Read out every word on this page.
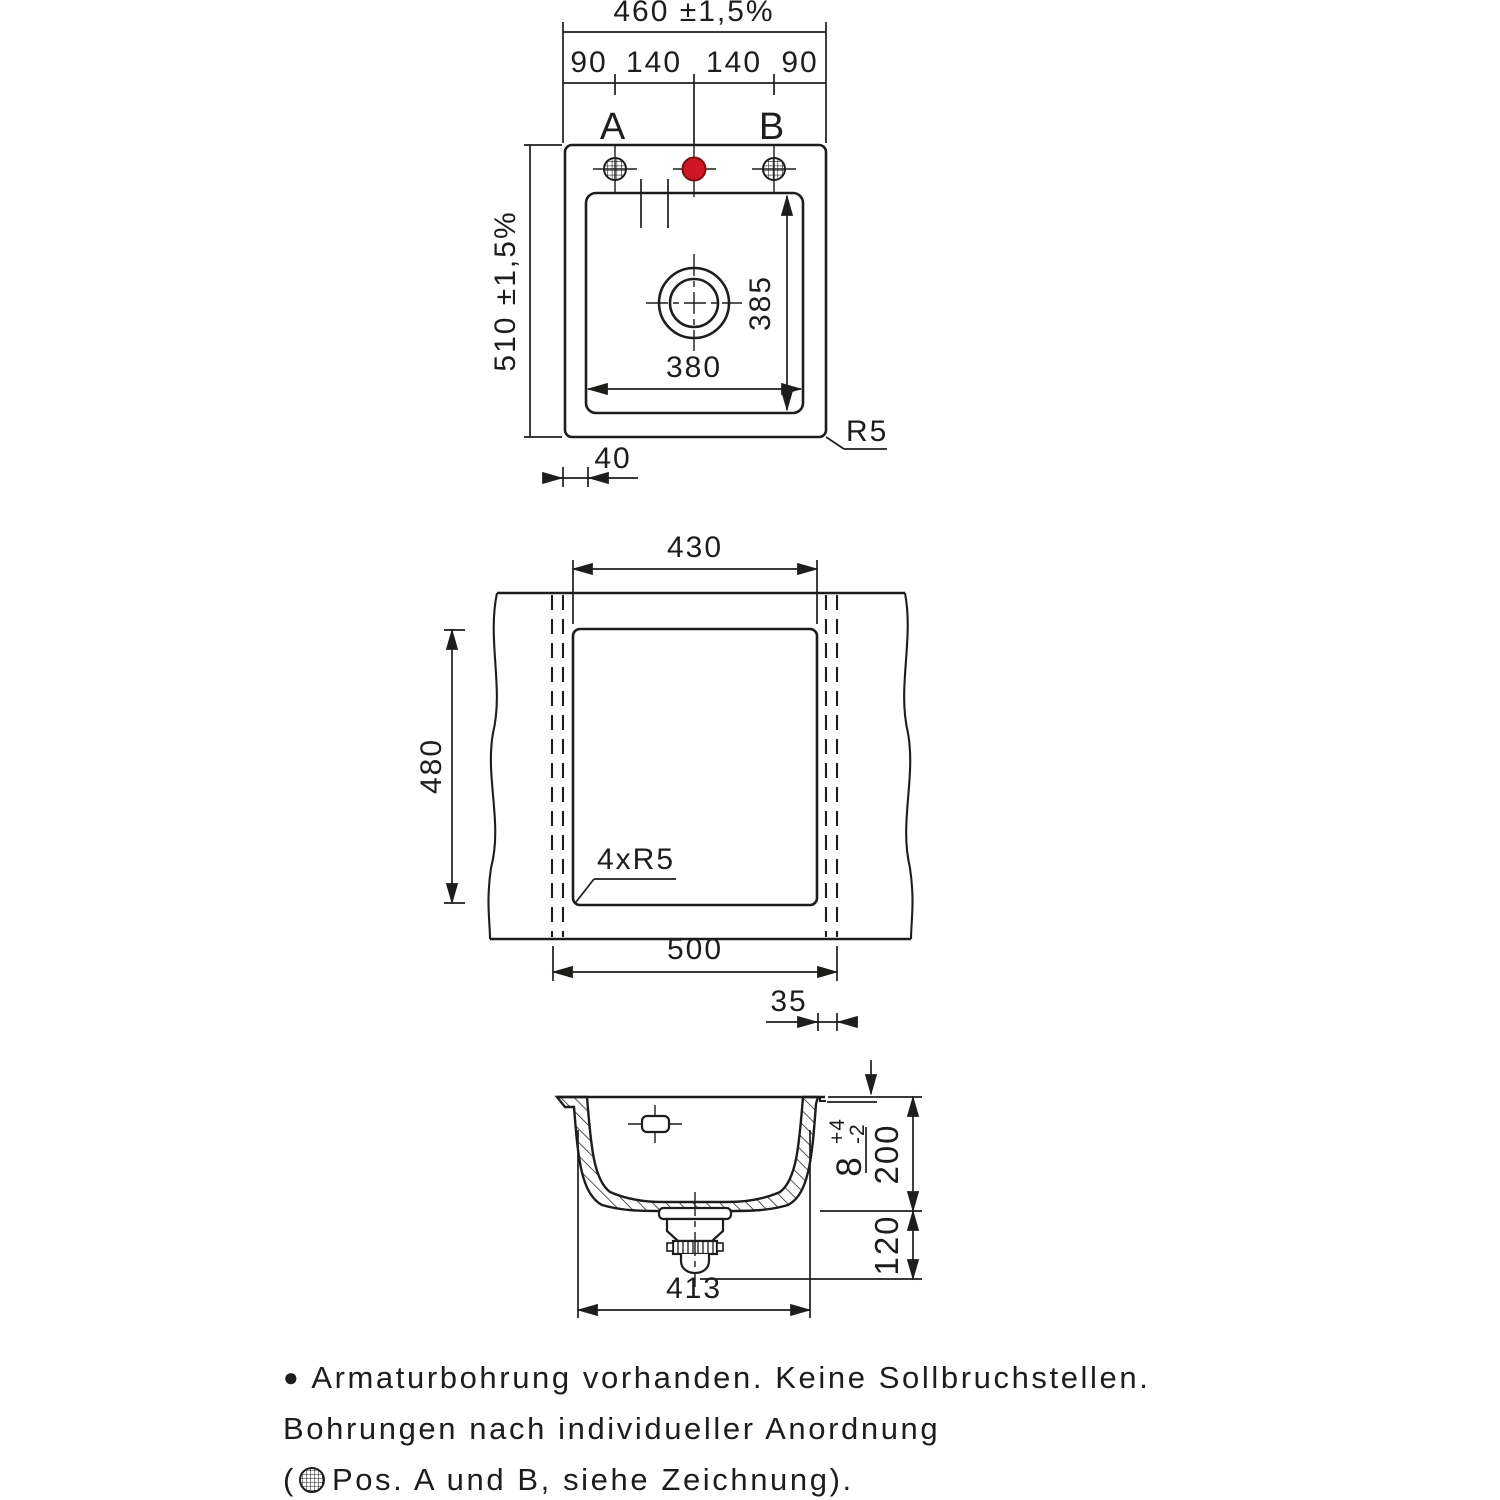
460 ±1,5%
90 140 140 90
A	B
510 ±1,5%	385
380
R5
40
430
480
4xR5
500
35
8
+4
-2 200
120
413
● Armaturbohrung vorhanden. Keine Sollbruchstellen.
Bohrungen nach individueller Anordnung
( Pos. A und B, siehe Zeichnung).
